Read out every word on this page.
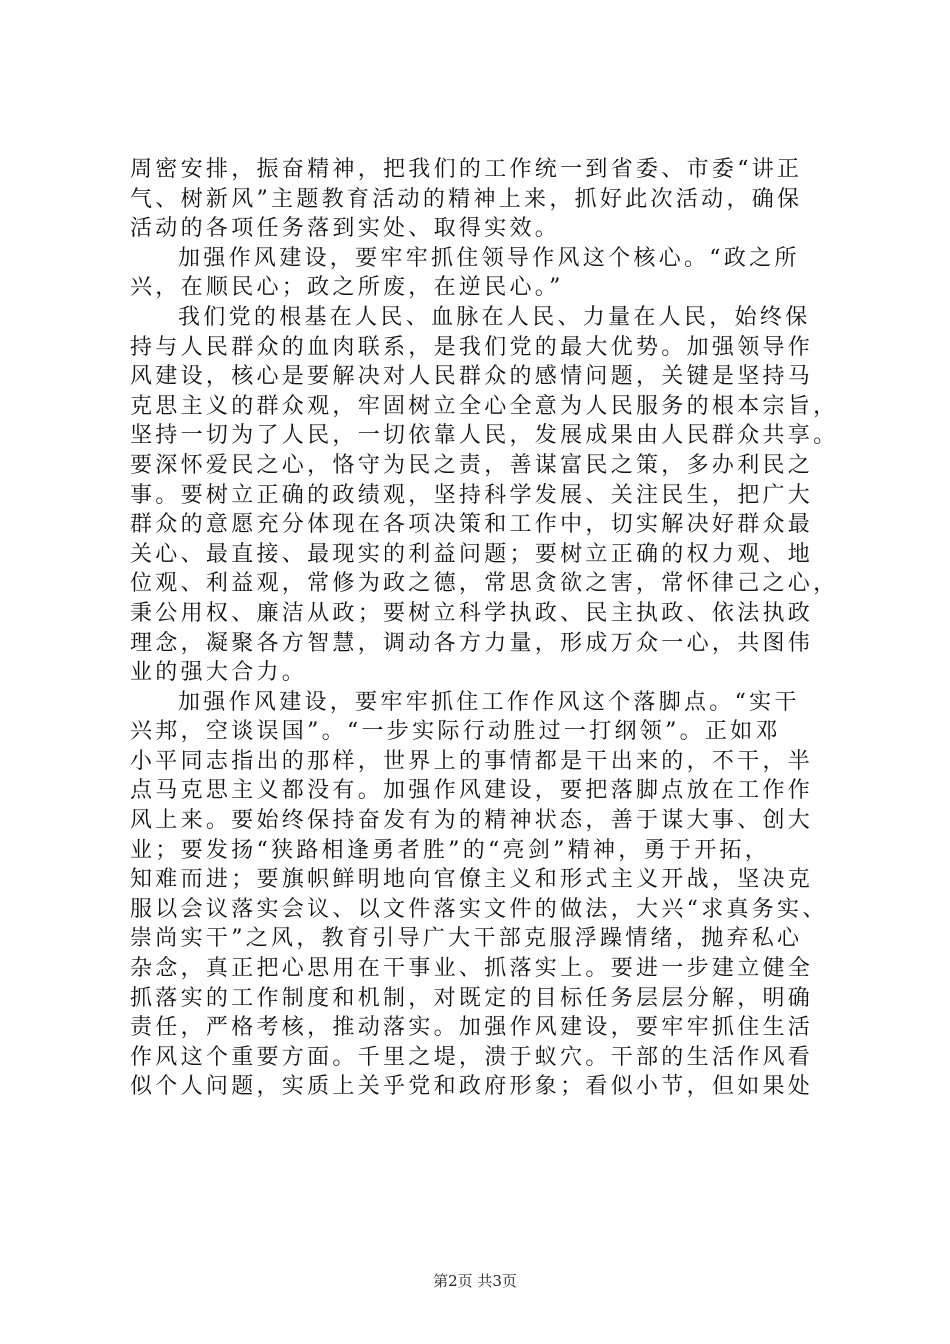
周密安排，振奋精神，把我们的工作统一到省委、市委“讲正
气、树新风”主题教育活动的精神上来，抓好此次活动，确保
活动的各项任务落到实处、取得实效。
加强作风建设，要牢牢抓住领导作风这个核心。“政之所
兴，在顺民心；政之所废，在逆民心。”
我们党的根基在人民、血脉在人民、力量在人民，始终保
持与人民群众的血肉联系，是我们党的最大优势。加强领导作
风建设，核心是要解决对人民群众的感情问题，关键是坚持马
克思主义的群众观，牢固树立全心全意为人民服务的根本宗旨，
坚持一切为了人民，一切依靠人民，发展成果由人民群众共享。
要深怀爱民之心，恪守为民之责，善谋富民之策，多办利民之
事。要树立正确的政绩观，坚持科学发展、关注民生，把广大
群众的意愿充分体现在各项决策和工作中，切实解决好群众最
关心、最直接、最现实的利益问题；要树立正确的权力观、地
位观、利益观，常修为政之德，常思贪欲之害，常怀律己之心，
秉公用权、廉洁从政；要树立科学执政、民主执政、依法执政
理念，凝聚各方智慧，调动各方力量，形成万众一心，共图伟
业的强大合力。
加强作风建设，要牢牢抓住工作作风这个落脚点。“实干
兴邦，空谈误国”。“一步实际行动胜过一打纲领”。正如邓
小平同志指出的那样，世界上的事情都是干出来的，不干，半
点马克思主义都没有。加强作风建设，要把落脚点放在工作作
风上来。要始终保持奋发有为的精神状态，善于谋大事、创大
业；要发扬“狭路相逢勇者胜”的“亮剑”精神，勇于开拓，
知难而进；要旗帜鲜明地向官僚主义和形式主义开战，坚决克
服以会议落实会议、以文件落实文件的做法，大兴“求真务实、
崇尚实干”之风，教育引导广大干部克服浮躁情绪，抛弃私心
杂念，真正把心思用在干事业、抓落实上。要进一步建立健全
抓落实的工作制度和机制，对既定的目标任务层层分解，明确
责任，严格考核，推动落实。加强作风建设，要牢牢抓住生活
作风这个重要方面。千里之堤，溃于蚁穴。干部的生活作风看
似个人问题，实质上关乎党和政府形象；看似小节，但如果处
第2页 共3页
